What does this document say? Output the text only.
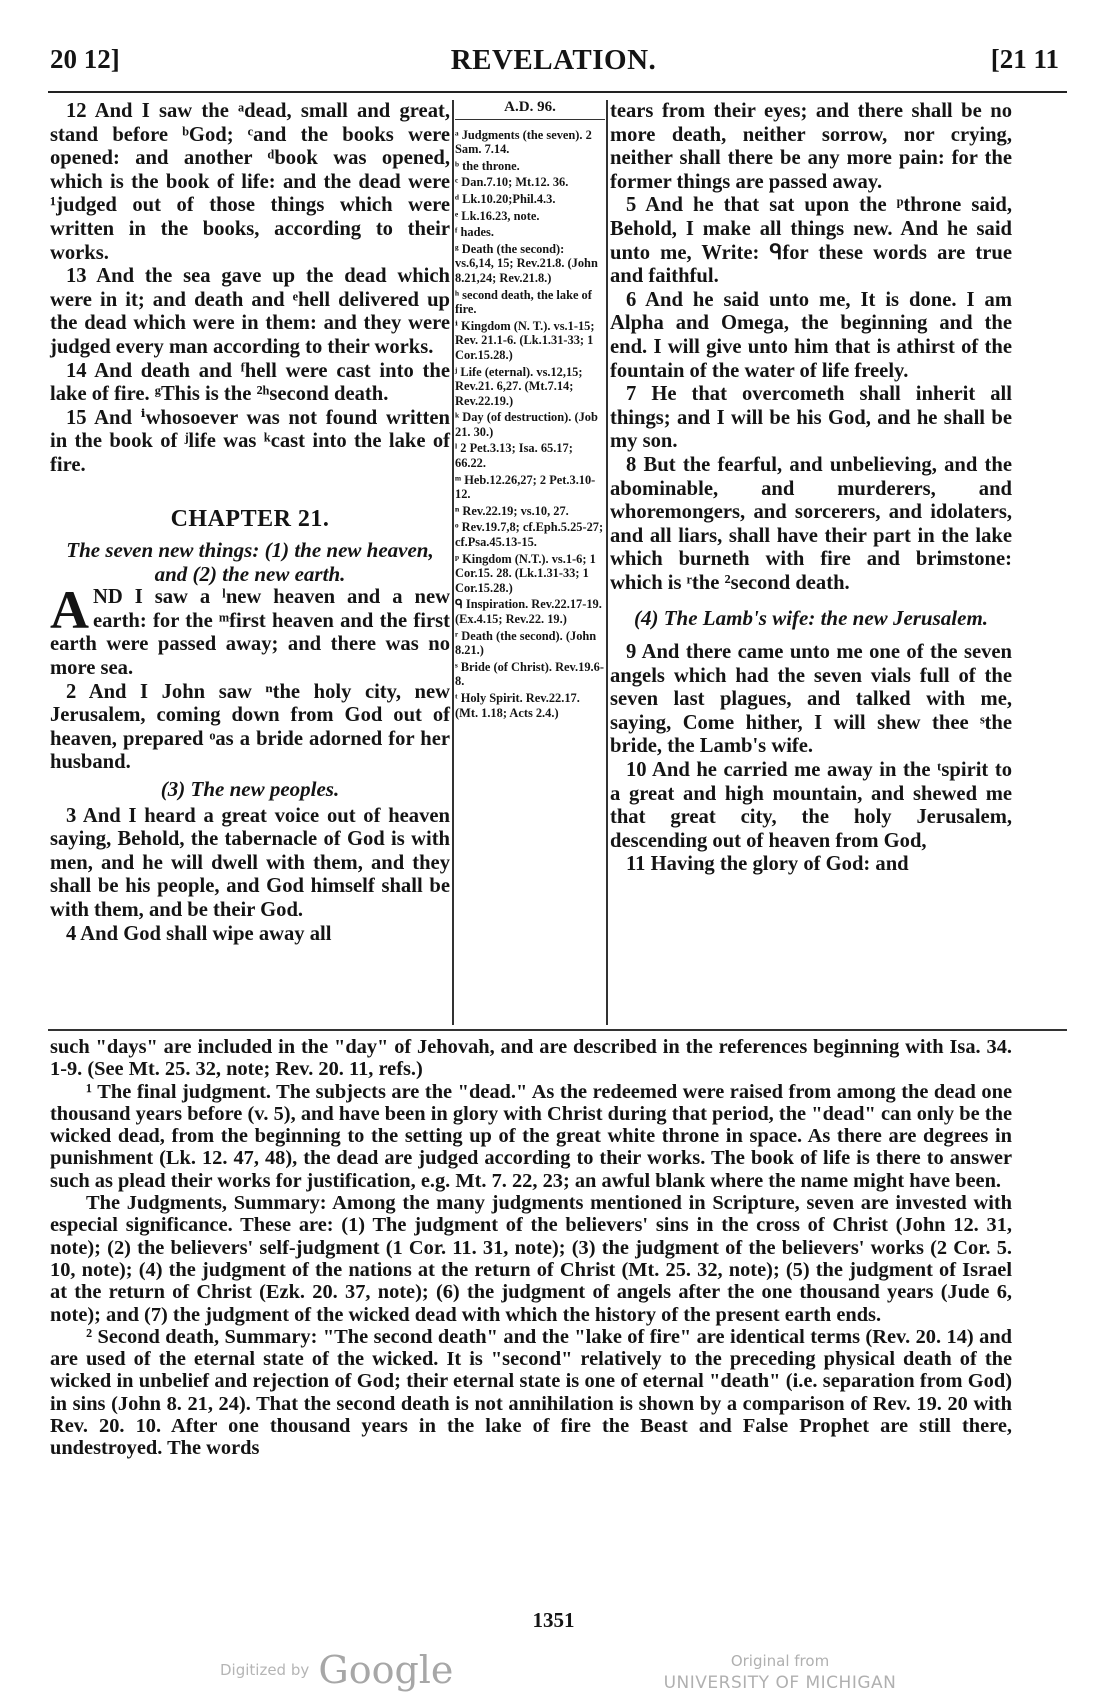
20 12]	REVELATION.	[21 11

12 And I saw the ᵃdead, small and great, stand before ᵇGod; ᶜand the books were opened: and another ᵈbook was opened, which is the book of life: and the dead were ¹judged out of those things which were written in the books, according to their works.

13 And the sea gave up the dead which were in it; and death and ᵉhell delivered up the dead which were in them: and they were judged every man according to their works.

14 And death and ᶠhell were cast into the lake of fire. ᵍThis is the ²ʰsecond death.

15 And ⁱwhosoever was not found written in the book of ʲlife was ᵏcast into the lake of fire.

CHAPTER 21.

The seven new things: (1) the new heaven, and (2) the new earth.

AND I saw a ˡnew heaven and a new earth: for the ᵐfirst heaven and the first earth were passed away; and there was no more sea.

2 And I John saw ⁿthe holy city, new Jerusalem, coming down from God out of heaven, prepared ᵒas a bride adorned for her husband.

(3) The new peoples.

3 And I heard a great voice out of heaven saying, Behold, the tabernacle of God is with men, and he will dwell with them, and they shall be his people, and God himself shall be with them, and be their God.

4 And God shall wipe away all

A.D. 96.

ᵃ Judgments (the seven). 2 Sam. 7.14.

ᵇ the throne.

ᶜ Dan.7.10; Mt.12. 36.

ᵈ Lk.10.20;Phil.4.3.

ᵉ Lk.16.23, note.

ᶠ hades.

ᵍ Death (the second): vs.6,14, 15; Rev.21.8. (John 8.21,24; Rev.21.8.)

ʰ second death, the lake of fire.

ⁱ Kingdom (N. T.). vs.1-15; Rev. 21.1-6. (Lk.1.31-33; 1 Cor.15.28.)

ʲ Life (eternal). vs.12,15; Rev.21. 6,27. (Mt.7.14; Rev.22.19.)

ᵏ Day (of destruction). (Job 21. 30.)

ˡ 2 Pet.3.13; Isa. 65.17; 66.22.

ᵐ Heb.12.26,27; 2 Pet.3.10-12.

ⁿ Rev.22.19; vs.10, 27.

ᵒ Rev.19.7,8; cf.Eph.5.25-27; cf.Psa.45.13-15.

ᵖ Kingdom (N.T.). vs.1-6; 1 Cor.15. 28. (Lk.1.31-33; 1 Cor.15.28.)

ᑫ Inspiration. Rev.22.17-19. (Ex.4.15; Rev.22. 19.)

ʳ Death (the second). (John 8.21.)

ˢ Bride (of Christ). Rev.19.6-8.

ᵗ Holy Spirit. Rev.22.17. (Mt. 1.18; Acts 2.4.)

tears from their eyes; and there shall be no more death, neither sorrow, nor crying, neither shall there be any more pain: for the former things are passed away.

5 And he that sat upon the ᵖthrone said, Behold, I make all things new. And he said unto me, Write: ᑫfor these words are true and faithful.

6 And he said unto me, It is done. I am Alpha and Omega, the beginning and the end. I will give unto him that is athirst of the fountain of the water of life freely.

7 He that overcometh shall inherit all things; and I will be his God, and he shall be my son.

8 But the fearful, and unbelieving, and the abominable, and murderers, and whoremongers, and sorcerers, and idolaters, and all liars, shall have their part in the lake which burneth with fire and brimstone: which is ʳthe ²second death.

(4) The Lamb's wife: the new Jerusalem.

9 And there came unto me one of the seven angels which had the seven vials full of the seven last plagues, and talked with me, saying, Come hither, I will shew thee ˢthe bride, the Lamb's wife.

10 And he carried me away in the ᵗspirit to a great and high mountain, and shewed me that great city, the holy Jerusalem, descending out of heaven from God,

11 Having the glory of God: and

such "days" are included in the "day" of Jehovah, and are described in the references beginning with Isa. 34. 1-9. (See Mt. 25. 32, note; Rev. 20. 11, refs.)

¹ The final judgment. The subjects are the "dead." As the redeemed were raised from among the dead one thousand years before (v. 5), and have been in glory with Christ during that period, the "dead" can only be the wicked dead, from the beginning to the setting up of the great white throne in space. As there are degrees in punishment (Lk. 12. 47, 48), the dead are judged according to their works. The book of life is there to answer such as plead their works for justification, e.g. Mt. 7. 22, 23; an awful blank where the name might have been.

The Judgments, Summary: Among the many judgments mentioned in Scripture, seven are invested with especial significance. These are: (1) The judgment of the believers' sins in the cross of Christ (John 12. 31, note); (2) the believers' self-judgment (1 Cor. 11. 31, note); (3) the judgment of the believers' works (2 Cor. 5. 10, note); (4) the judgment of the nations at the return of Christ (Mt. 25. 32, note); (5) the judgment of Israel at the return of Christ (Ezk. 20. 37, note); (6) the judgment of angels after the one thousand years (Jude 6, note); and (7) the judgment of the wicked dead with which the history of the present earth ends.

² Second death, Summary: "The second death" and the "lake of fire" are identical terms (Rev. 20. 14) and are used of the eternal state of the wicked. It is "second" relatively to the preceding physical death of the wicked in unbelief and rejection of God; their eternal state is one of eternal "death" (i.e. separation from God) in sins (John 8. 21, 24). That the second death is not annihilation is shown by a comparison of Rev. 19. 20 with Rev. 20. 10. After one thousand years in the lake of fire the Beast and False Prophet are still there, undestroyed. The words

1351
Digitized by Google	Original from
UNIVERSITY OF MICHIGAN
